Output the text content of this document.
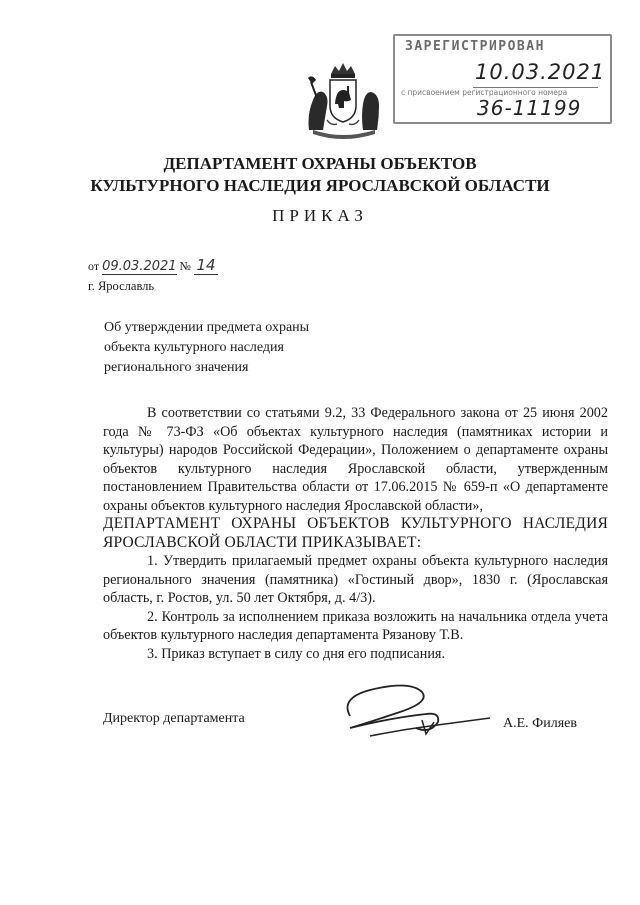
ЗАРЕГИСТРИРОВАН
10.03.2021
с присвоением регистрационного номера
36-11199
ДЕПАРТАМЕНТ ОХРАНЫ ОБЪЕКТОВ
КУЛЬТУРНОГО НАСЛЕДИЯ ЯРОСЛАВСКОЙ ОБЛАСТИ
ПРИКАЗ
от 09.03.2021 № 14
г. Ярославль
Об утверждении предмета охраны
объекта культурного наследия
регионального значения

В соответствии со статьями 9.2, 33 Федерального закона от 25 июня 2002 года № 73-ФЗ «Об объектах культурного наследия (памятниках истории и культуры) народов Российской Федерации», Положением о департаменте охраны объектов культурного наследия Ярославской области, утвержденным постановлением Правительства области от 17.06.2015 № 659-п «О департаменте охраны объектов культурного наследия Ярославской области»,

ДЕПАРТАМЕНТ ОХРАНЫ ОБЪЕКТОВ КУЛЬТУРНОГО НАСЛЕДИЯ ЯРОСЛАВСКОЙ ОБЛАСТИ ПРИКАЗЫВАЕТ:

1. Утвердить прилагаемый предмет охраны объекта культурного наследия регионального значения (памятника) «Гостиный двор», 1830 г. (Ярославская область, г. Ростов, ул. 50 лет Октября, д. 4/3).

2. Контроль за исполнением приказа возложить на начальника отдела учета объектов культурного наследия департамента Рязанову Т.В.

3. Приказ вступает в силу со дня его подписания.

Директор департамента	А.Е. Филяев
